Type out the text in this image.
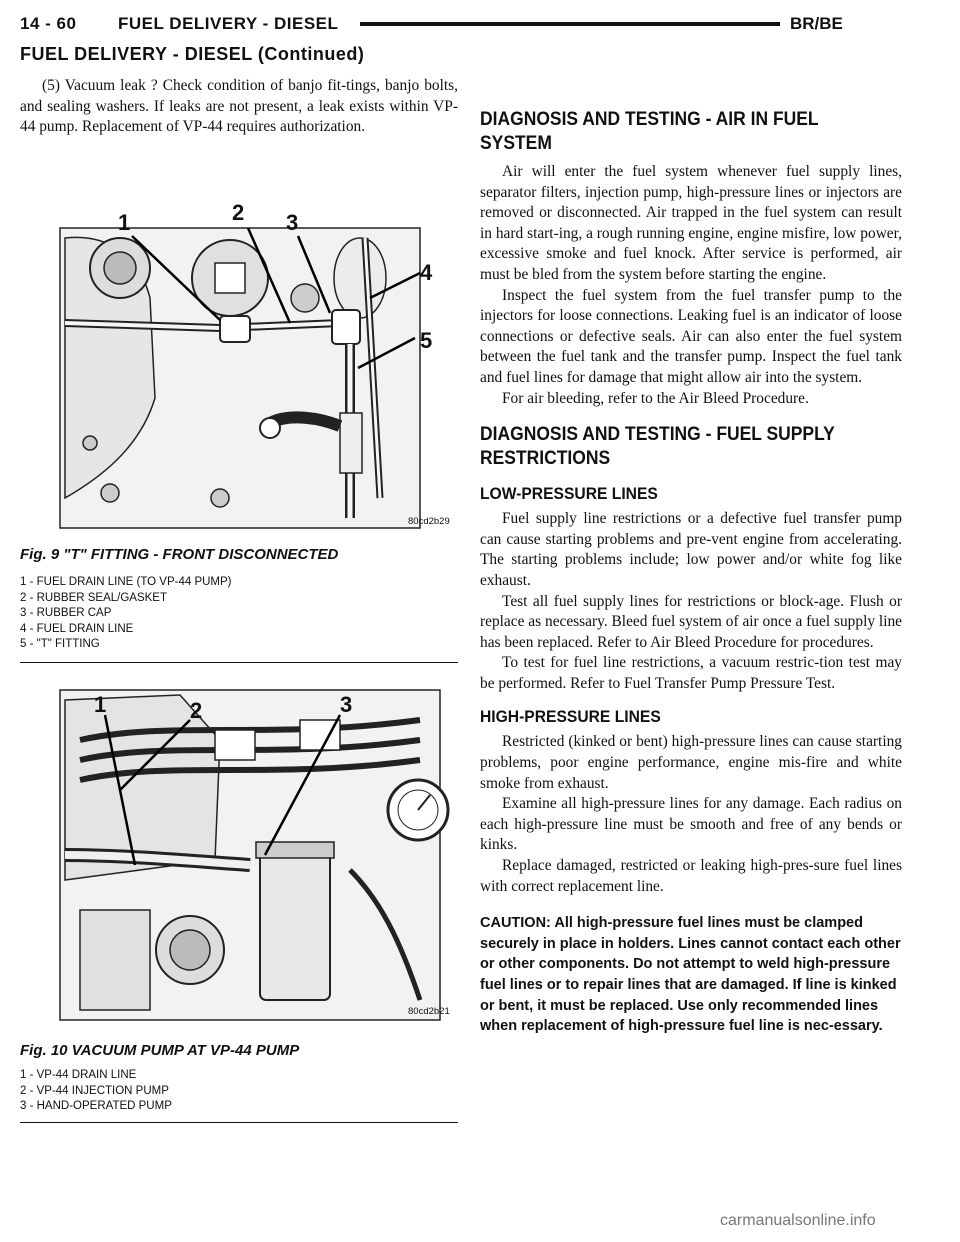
14 - 60 FUEL DELIVERY - DIESEL	BR/BE
FUEL DELIVERY - DIESEL (Continued)

(5) Vacuum leak ? Check condition of banjo fit-tings, banjo bolts, and sealing washers. If leaks are not present, a leak exists within VP-44 pump. Replacement of VP-44 requires authorization.

1	2 3
4
5
80cd2b29
Fig. 9 "T" FITTING - FRONT DISCONNECTED
1 - FUEL DRAIN LINE (TO VP-44 PUMP)
2 - RUBBER SEAL/GASKET
3 - RUBBER CAP
4 - FUEL DRAIN LINE
5 - "T" FITTING
1	2	3
80cd2b21
Fig. 10 VACUUM PUMP AT VP-44 PUMP
1 - VP-44 DRAIN LINE
2 - VP-44 INJECTION PUMP
3 - HAND-OPERATED PUMP
DIAGNOSIS AND TESTING - AIR IN FUEL SYSTEM

Air will enter the fuel system whenever fuel supply lines, separator filters, injection pump, high-pressure lines or injectors are removed or disconnected. Air trapped in the fuel system can result in hard start-ing, a rough running engine, engine misfire, low power, excessive smoke and fuel knock. After service is performed, air must be bled from the system before starting the engine.

Inspect the fuel system from the fuel transfer pump to the injectors for loose connections. Leaking fuel is an indicator of loose connections or defective seals. Air can also enter the fuel system between the fuel tank and the transfer pump. Inspect the fuel tank and fuel lines for damage that might allow air into the system.

For air bleeding, refer to the Air Bleed Procedure.

DIAGNOSIS AND TESTING - FUEL SUPPLY RESTRICTIONS
LOW-PRESSURE LINES

Fuel supply line restrictions or a defective fuel transfer pump can cause starting problems and pre-vent engine from accelerating. The starting problems include; low power and/or white fog like exhaust.

Test all fuel supply lines for restrictions or block-age. Flush or replace as necessary. Bleed fuel system of air once a fuel supply line has been replaced. Refer to Air Bleed Procedure for procedures.

To test for fuel line restrictions, a vacuum restric-tion test may be performed. Refer to Fuel Transfer Pump Pressure Test.

HIGH-PRESSURE LINES

Restricted (kinked or bent) high-pressure lines can cause starting problems, poor engine performance, engine mis-fire and white smoke from exhaust.

Examine all high-pressure lines for any damage. Each radius on each high-pressure line must be smooth and free of any bends or kinks.

Replace damaged, restricted or leaking high-pres-sure fuel lines with correct replacement line.

CAUTION: All high-pressure fuel lines must be clamped securely in place in holders. Lines cannot contact each other or other components. Do not attempt to weld high-pressure fuel lines or to repair lines that are damaged. If line is kinked or bent, it must be replaced. Use only recommended lines when replacement of high-pressure fuel line is nec-essary.

carmanualsonline.info
